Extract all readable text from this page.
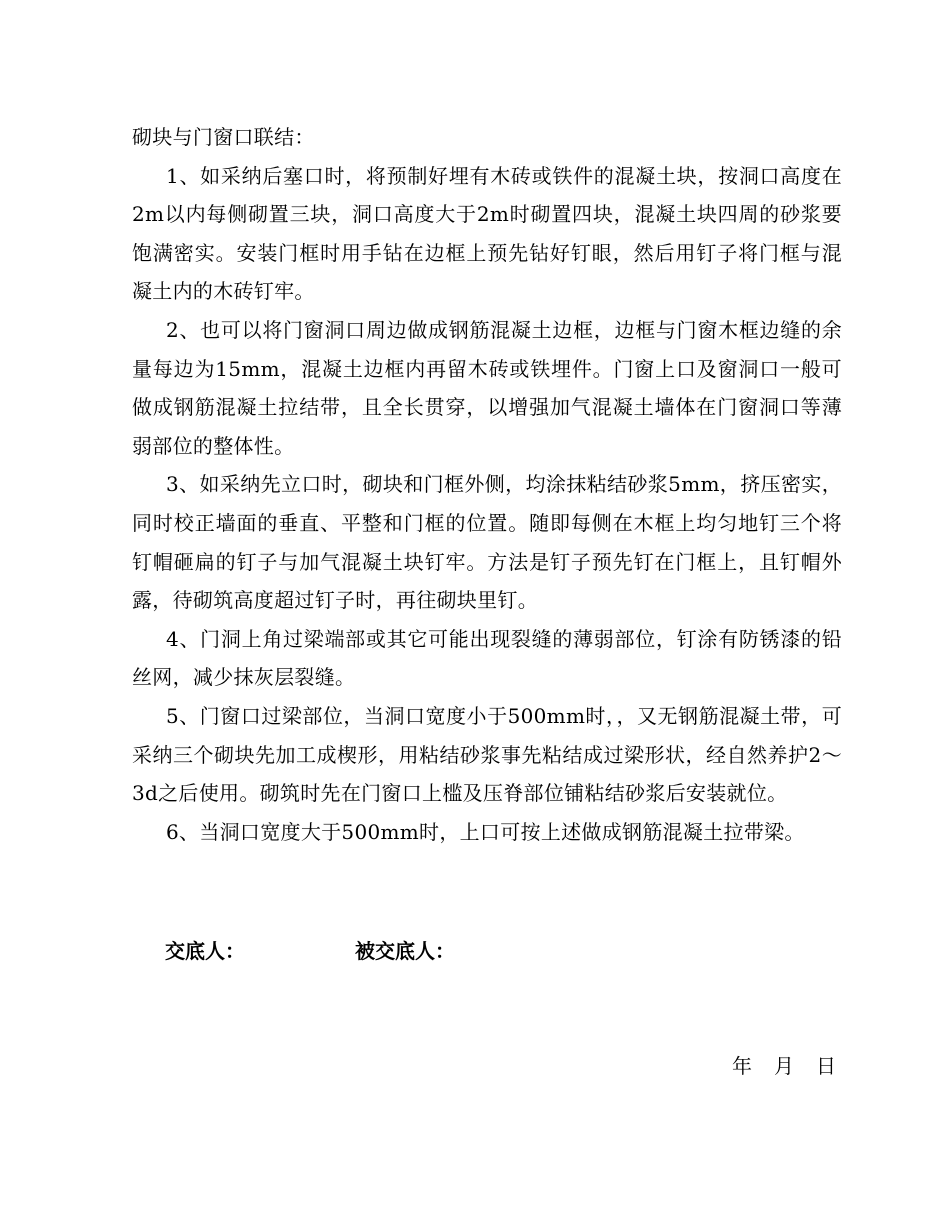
砌块与门窗口联结：

1、如采纳后塞口时，将预制好埋有木砖或铁件的混凝土块，按洞口高度在2m以内每侧砌置三块，洞口高度大于2m时砌置四块，混凝土块四周的砂浆要饱满密实。安装门框时用手钻在边框上预先钻好钉眼，然后用钉子将门框与混凝土内的木砖钉牢。

2、也可以将门窗洞口周边做成钢筋混凝土边框，边框与门窗木框边缝的余量每边为15mm，混凝土边框内再留木砖或铁埋件。门窗上口及窗洞口一般可做成钢筋混凝土拉结带，且全长贯穿，以增强加气混凝土墙体在门窗洞口等薄弱部位的整体性。

3、如采纳先立口时，砌块和门框外侧，均涂抹粘结砂浆5mm，挤压密实，同时校正墙面的垂直、平整和门框的位置。随即每侧在木框上均匀地钉三个将钉帽砸扁的钉子与加气混凝土块钉牢。方法是钉子预先钉在门框上，且钉帽外露，待砌筑高度超过钉子时，再往砌块里钉。

4、门洞上角过梁端部或其它可能出现裂缝的薄弱部位，钉涂有防锈漆的铅丝网，减少抹灰层裂缝。

5、门窗口过梁部位，当洞口宽度小于500mm时，，又无钢筋混凝土带，可采纳三个砌块先加工成楔形，用粘结砂浆事先粘结成过梁形状，经自然养护2～3d之后使用。砌筑时先在门窗口上槛及压脊部位铺粘结砂浆后安装就位。

6、当洞口宽度大于500mm时，上口可按上述做成钢筋混凝土拉带梁。

交底人：	被交底人：
年 月 日
